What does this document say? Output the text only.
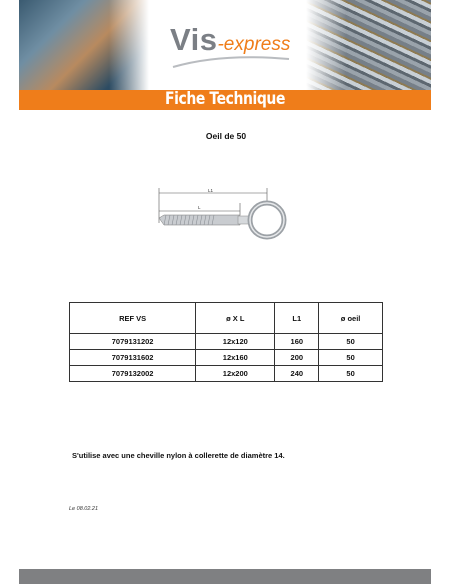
Vis-express
Fiche Technique
Oeil de 50
L1
L
REF VS	ø X L	L1	ø oeil
7079131202	12x120	160	50
7079131602	12x160	200	50
7079132002	12x200	240	50
S'utilise avec une cheville nylon à collerette de diamètre 14.
Le 08.02.21
